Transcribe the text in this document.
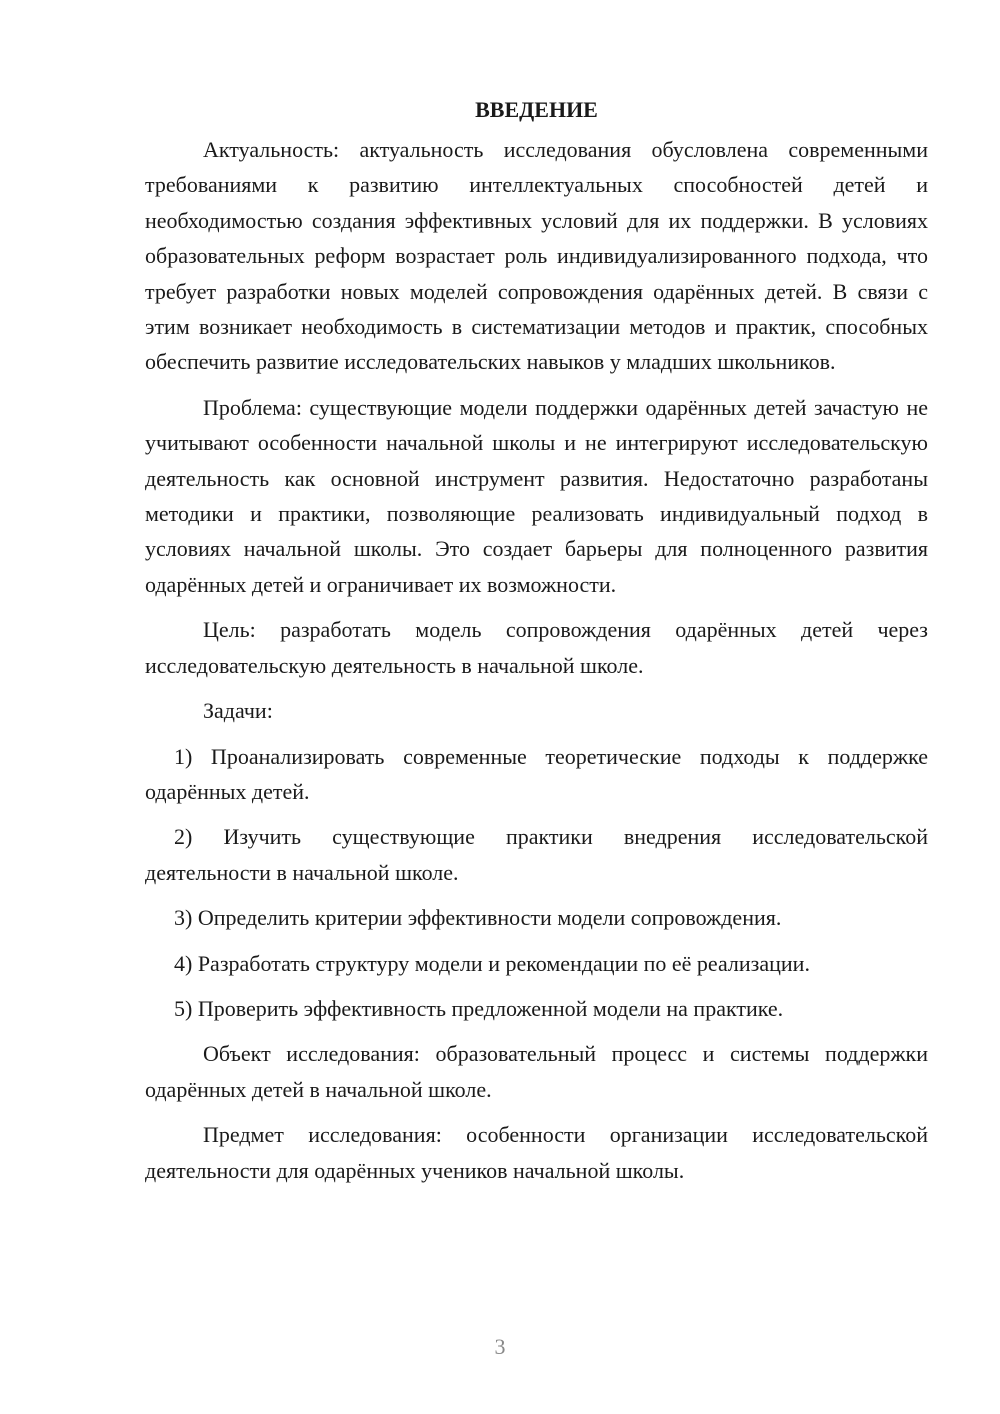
ВВЕДЕНИЕ

Актуальность: актуальность исследования обусловлена современными требованиями к развитию интеллектуальных способностей детей и необходимостью создания эффективных условий для их поддержки. В условиях образовательных реформ возрастает роль индивидуализированного подхода, что требует разработки новых моделей сопровождения одарённых детей. В связи с этим возникает необходимость в систематизации методов и практик, способных обеспечить развитие исследовательских навыков у младших школьников.

Проблема: существующие модели поддержки одарённых детей зачастую не учитывают особенности начальной школы и не интегрируют исследовательскую деятельность как основной инструмент развития. Недостаточно разработаны методики и практики, позволяющие реализовать индивидуальный подход в условиях начальной школы. Это создает барьеры для полноценного развития одарённых детей и ограничивает их возможности.

Цель: разработать модель сопровождения одарённых детей через исследовательскую деятельность в начальной школе.

Задачи:

1) Проанализировать современные теоретические подходы к поддержке одарённых детей.

2) Изучить существующие практики внедрения исследовательской деятельности в начальной школе.

3) Определить критерии эффективности модели сопровождения.

4) Разработать структуру модели и рекомендации по её реализации.

5) Проверить эффективность предложенной модели на практике.

Объект исследования: образовательный процесс и системы поддержки одарённых детей в начальной школе.

Предмет исследования: особенности организации исследовательской деятельности для одарённых учеников начальной школы.

3
